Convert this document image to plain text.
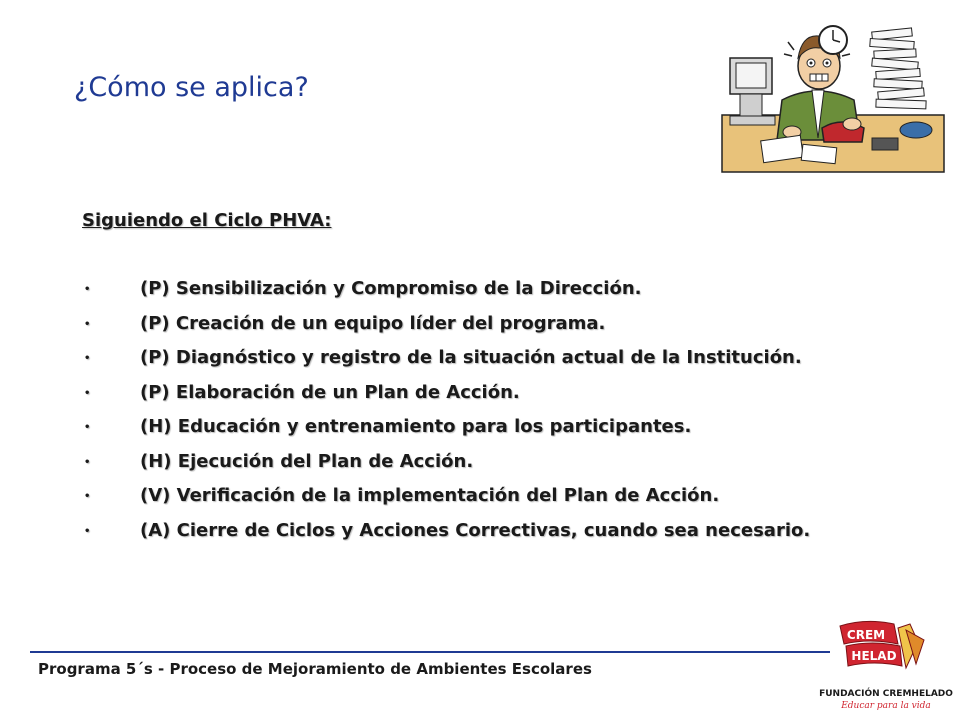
¿Cómo se aplica?
Siguiendo el Ciclo PHVA:
•	(P) Sensibilización y Compromiso de la Dirección.
•	(P) Creación de un equipo líder del programa.
•	(P) Diagnóstico y registro de la situación actual de la Institución.
•	(P) Elaboración de un Plan de Acción.
•	(H) Educación y entrenamiento para los participantes.
•	(H) Ejecución del Plan de Acción.
•	(V) Verificación de la implementación del Plan de Acción.
•	(A) Cierre de Ciclos y Acciones Correctivas, cuando sea necesario.
Programa 5´s - Proceso de Mejoramiento de Ambientes Escolares
CREM
HELAD
FUNDACIÓN CREMHELADO
Educar para la vida
